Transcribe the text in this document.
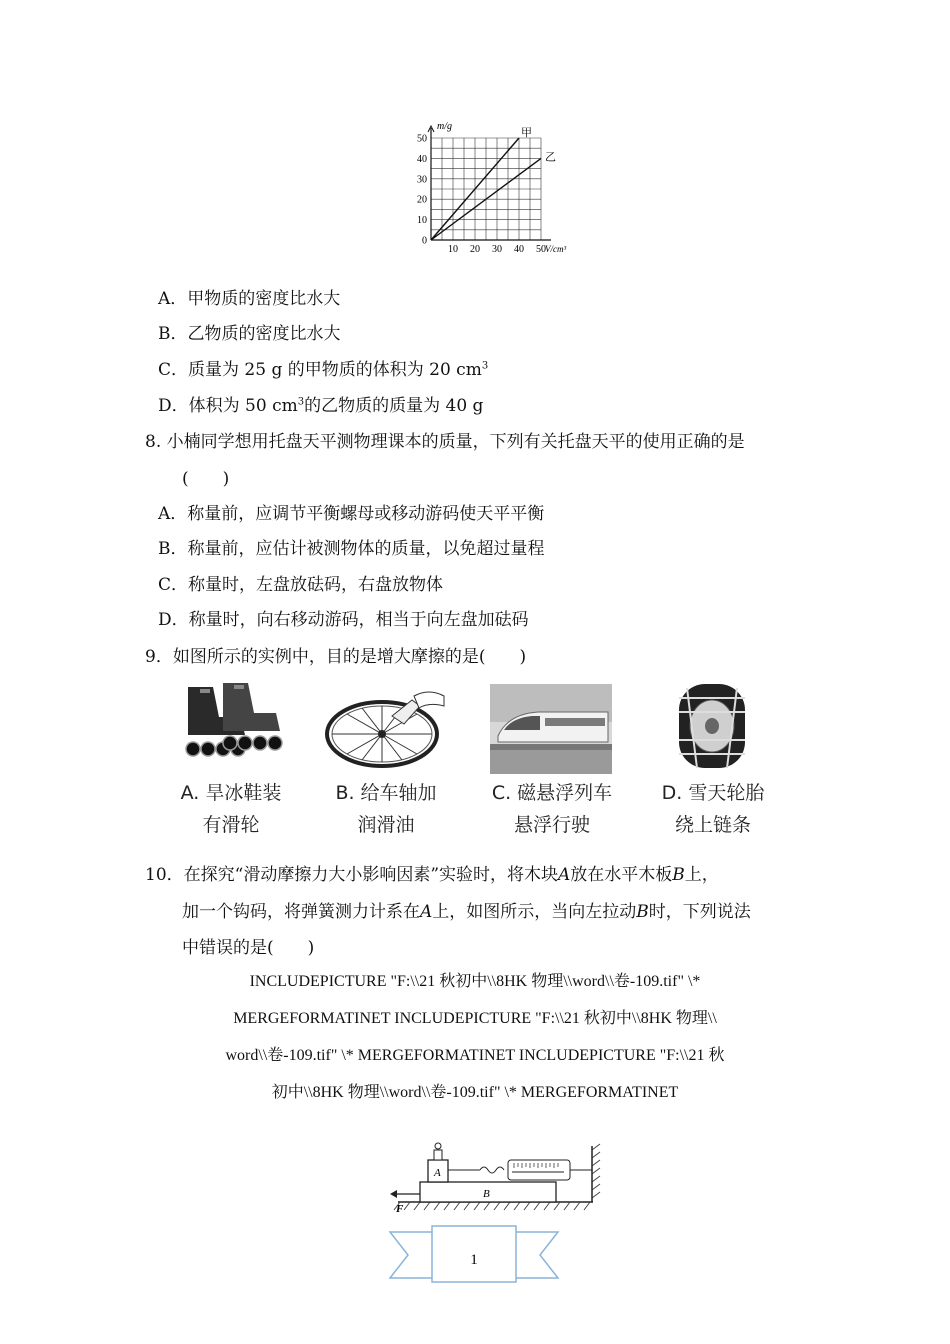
10 20 30 40 50
0
10
20
30
40
50
m/g
V/cm³
甲
乙
A．甲物质的密度比水大
B．乙物质的密度比水大
C．质量为 25 g 的甲物质的体积为 20 $cm^3$
D．体积为 50 $cm^3$的乙物质的质量为 40 g
8. 小楠同学想用托盘天平测物理课本的质量，下列有关托盘天平的使用正确的是
(　　)
A．称量前，应调节平衡螺母或移动游码使天平平衡
B．称量前，应估计被测物体的质量，以免超过量程
C．称量时，左盘放砝码，右盘放物体
D．称量时，向右移动游码，相当于向左盘加砝码
9．如图所示的实例中，目的是增大摩擦的是(　　)
A. 旱冰鞋装
有滑轮
B. 给车轴加
润滑油
C. 磁悬浮列车
悬浮行驶
D. 雪天轮胎
绕上链条
10．在探究“滑动摩擦力大小影响因素”实验时，将木块A放在水平木板B上，
加一个钩码，将弹簧测力计系在A上，如图所示，当向左拉动B时，下列说法
中错误的是(　　)
INCLUDEPICTURE "F:\\21 秋初中\\8HK 物理\\word\\卷-109.tif" \*
MERGEFORMATINET INCLUDEPICTURE "F:\\21 秋初中\\8HK 物理\\
word\\卷-109.tif" \* MERGEFORMATINET INCLUDEPICTURE "F:\\21 秋
初中\\8HK 物理\\word\\卷-109.tif" \* MERGEFORMATINET
B
A
F
1
